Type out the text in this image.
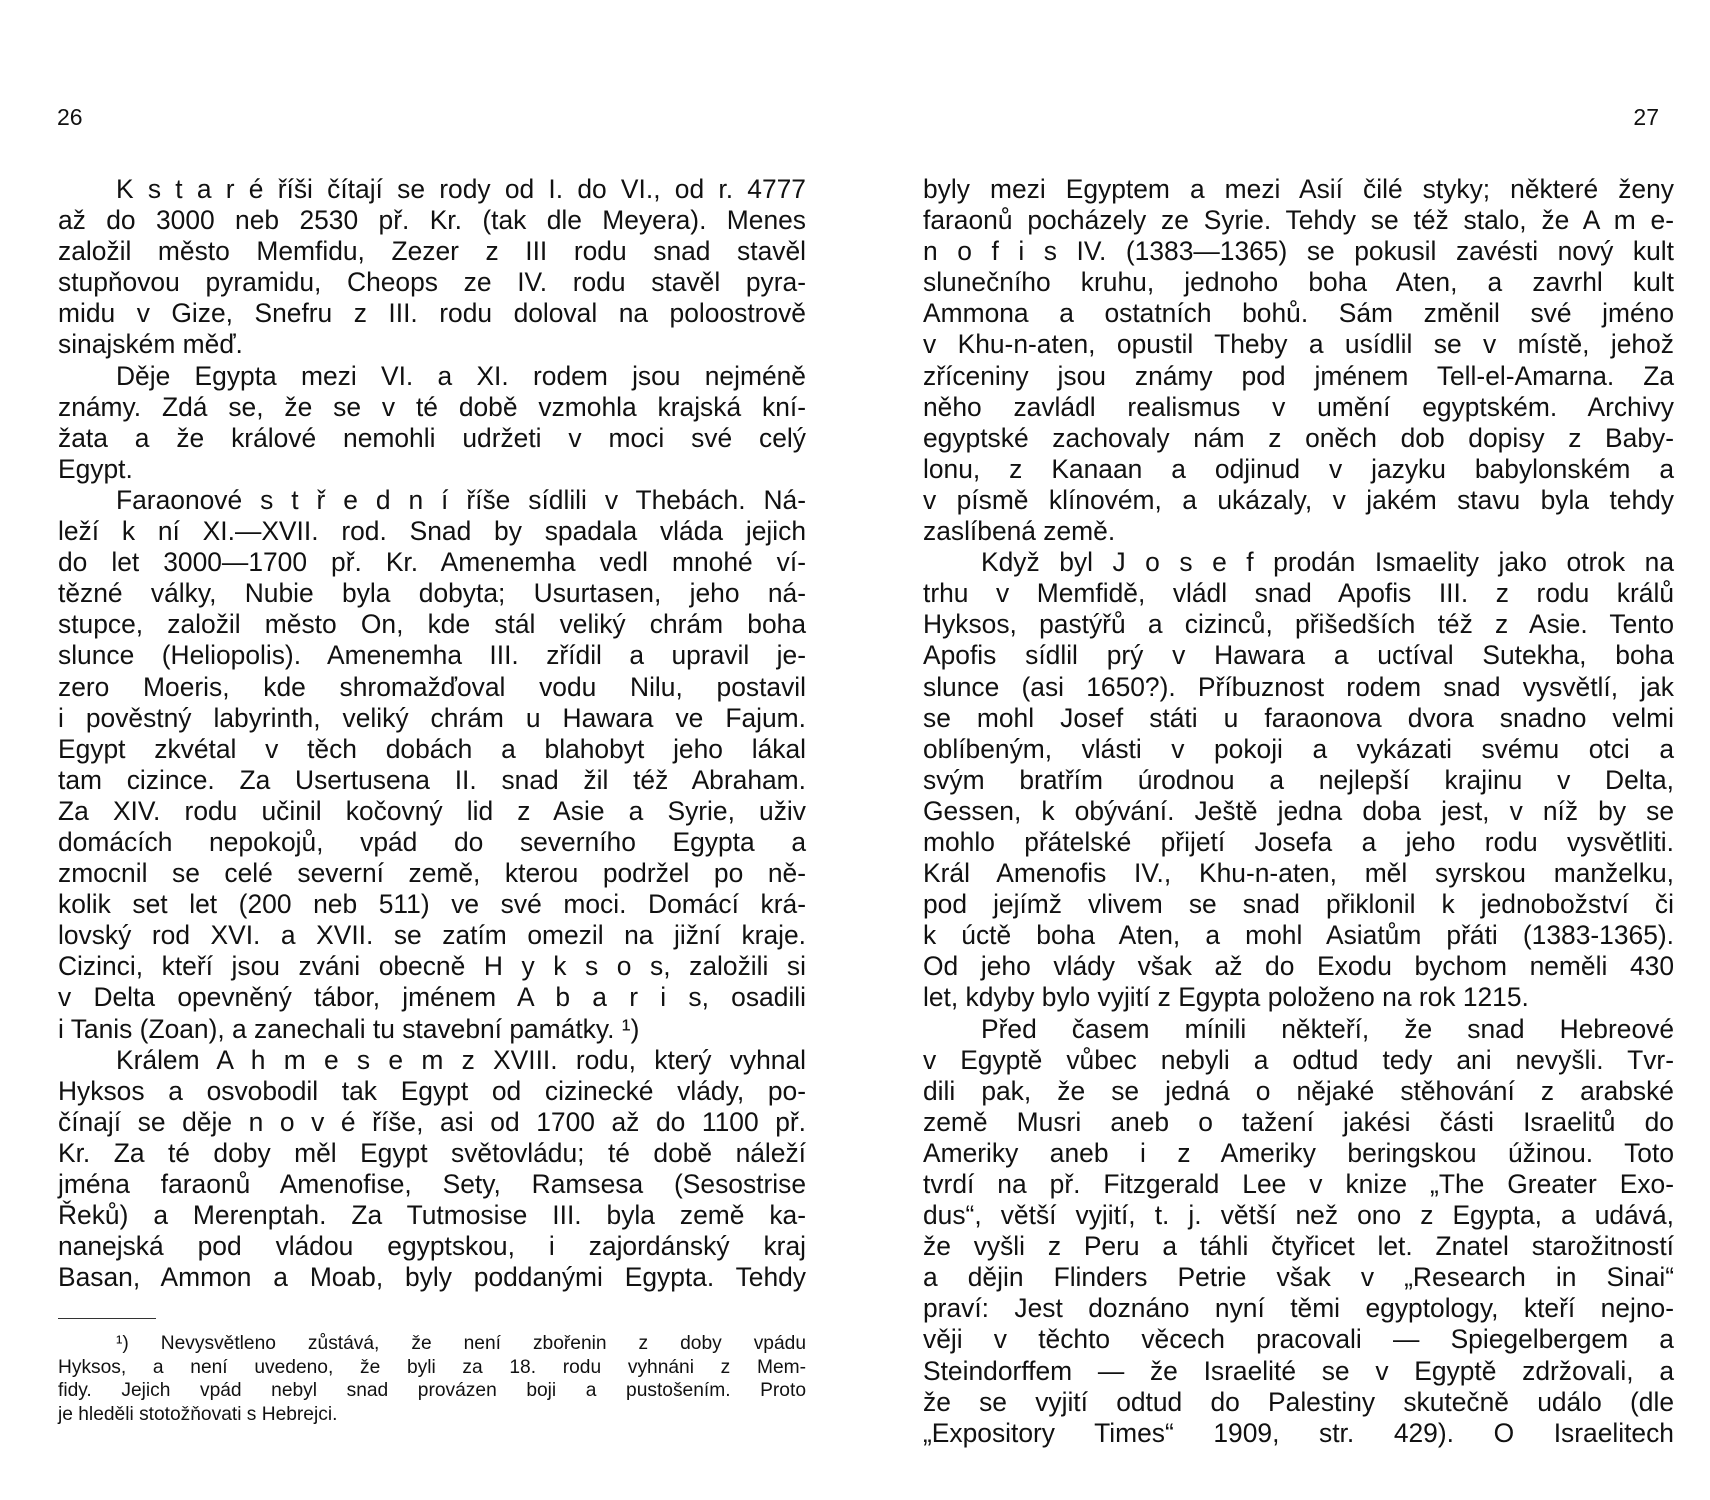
26
K s t a r é říši čítají se rody od I. do VI., od r. 4777
až do 3000 neb 2530 př. Kr. (tak dle Meyera). Menes
založil město Memfidu, Zezer z III rodu snad stavěl
stupňovou pyramidu, Cheops ze IV. rodu stavěl pyra-
midu v Gize, Snefru z III. rodu doloval na poloostrově
sinajském měď.
Děje Egypta mezi VI. a XI. rodem jsou nejméně
známy. Zdá se, že se v té době vzmohla krajská kní-
žata a že králové nemohli udržeti v moci své celý
Egypt.
Faraonové s t ř e d n í říše sídlili v Thebách. Ná-
leží k ní XI.—XVII. rod. Snad by spadala vláda jejich
do let 3000—1700 př. Kr. Amenemha vedl mnohé ví-
tězné války, Nubie byla dobyta; Usurtasen, jeho ná-
stupce, založil město On, kde stál veliký chrám boha
slunce (Heliopolis). Amenemha III. zřídil a upravil je-
zero Moeris, kde shromažďoval vodu Nilu, postavil
i pověstný labyrinth, veliký chrám u Hawara ve Fajum.
Egypt zkvétal v těch dobách a blahobyt jeho lákal
tam cizince. Za Usertusena II. snad žil též Abraham.
Za XIV. rodu učinil kočovný lid z Asie a Syrie, uživ
domácích nepokojů, vpád do severního Egypta a
zmocnil se celé severní země, kterou podržel po ně-
kolik set let (200 neb 511) ve své moci. Domácí krá-
lovský rod XVI. a XVII. se zatím omezil na jižní kraje.
Cizinci, kteří jsou zváni obecně H y k s o s, založili si
v Delta opevněný tábor, jménem A b a r i s, osadili
i Tanis (Zoan), a zanechali tu stavební památky. ¹)
Králem A h m e s e m z XVIII. rodu, který vyhnal
Hyksos a osvobodil tak Egypt od cizinecké vlády, po-
čínají se děje n o v é říše, asi od 1700 až do 1100 př.
Kr. Za té doby měl Egypt světovládu; té době náleží
jména faraonů Amenofise, Sety, Ramsesa (Sesostrise
Řeků) a Merenptah. Za Tutmosise III. byla země ka-
nanejská pod vládou egyptskou, i zajordánský kraj
Basan, Ammon a Moab, byly poddanými Egypta. Tehdy
¹) Nevysvětleno zůstává, že není zbořenin z doby vpádu
Hyksos, a není uvedeno, že byli za 18. rodu vyhnáni z Mem-
fidy. Jejich vpád nebyl snad provázen boji a pustošením. Proto
je hleděli stotožňovati s Hebrejci.
27
byly mezi Egyptem a mezi Asií čilé styky; některé ženy
faraonů pocházely ze Syrie. Tehdy se též stalo, že A m e-
n o f i s IV. (1383—1365) se pokusil zavésti nový kult
slunečního kruhu, jednoho boha Aten, a zavrhl kult
Ammona a ostatních bohů. Sám změnil své jméno
v Khu-n-aten, opustil Theby a usídlil se v místě, jehož
zříceniny jsou známy pod jménem Tell-el-Amarna. Za
něho zavládl realismus v umění egyptském. Archivy
egyptské zachovaly nám z oněch dob dopisy z Baby-
lonu, z Kanaan a odjinud v jazyku babylonském a
v písmě klínovém, a ukázaly, v jakém stavu byla tehdy
zaslíbená země.
Když byl J o s e f prodán Ismaelity jako otrok na
trhu v Memfidě, vládl snad Apofis III. z rodu králů
Hyksos, pastýřů a cizinců, přišedších též z Asie. Tento
Apofis sídlil prý v Hawara a uctíval Sutekha, boha
slunce (asi 1650?). Příbuznost rodem snad vysvětlí, jak
se mohl Josef státi u faraonova dvora snadno velmi
oblíbeným, vlásti v pokoji a vykázati svému otci a
svým bratřím úrodnou a nejlepší krajinu v Delta,
Gessen, k obývání. Ještě jedna doba jest, v níž by se
mohlo přátelské přijetí Josefa a jeho rodu vysvětliti.
Král Amenofis IV., Khu-n-aten, měl syrskou manželku,
pod jejímž vlivem se snad přiklonil k jednobožství či
k úctě boha Aten, a mohl Asiatům přáti (1383-1365).
Od jeho vlády však až do Exodu bychom neměli 430
let, kdyby bylo vyjití z Egypta položeno na rok 1215.
Před časem mínili někteří, že snad Hebreové
v Egyptě vůbec nebyli a odtud tedy ani nevyšli. Tvr-
dili pak, že se jedná o nějaké stěhování z arabské
země Musri aneb o tažení jakési části Israelitů do
Ameriky aneb i z Ameriky beringskou úžinou. Toto
tvrdí na př. Fitzgerald Lee v knize „The Greater Exo-
dus“, větší vyjití, t. j. větší než ono z Egypta, a udává,
že vyšli z Peru a táhli čtyřicet let. Znatel starožitností
a dějin Flinders Petrie však v „Research in Sinai“
praví: Jest doznáno nyní těmi egyptology, kteří nejno-
věji v těchto věcech pracovali — Spiegelbergem a
Steindorffem — že Israelité se v Egyptě zdržovali, a
že se vyjití odtud do Palestiny skutečně událo (dle
„Expository Times“ 1909, str. 429). O Israelitech
